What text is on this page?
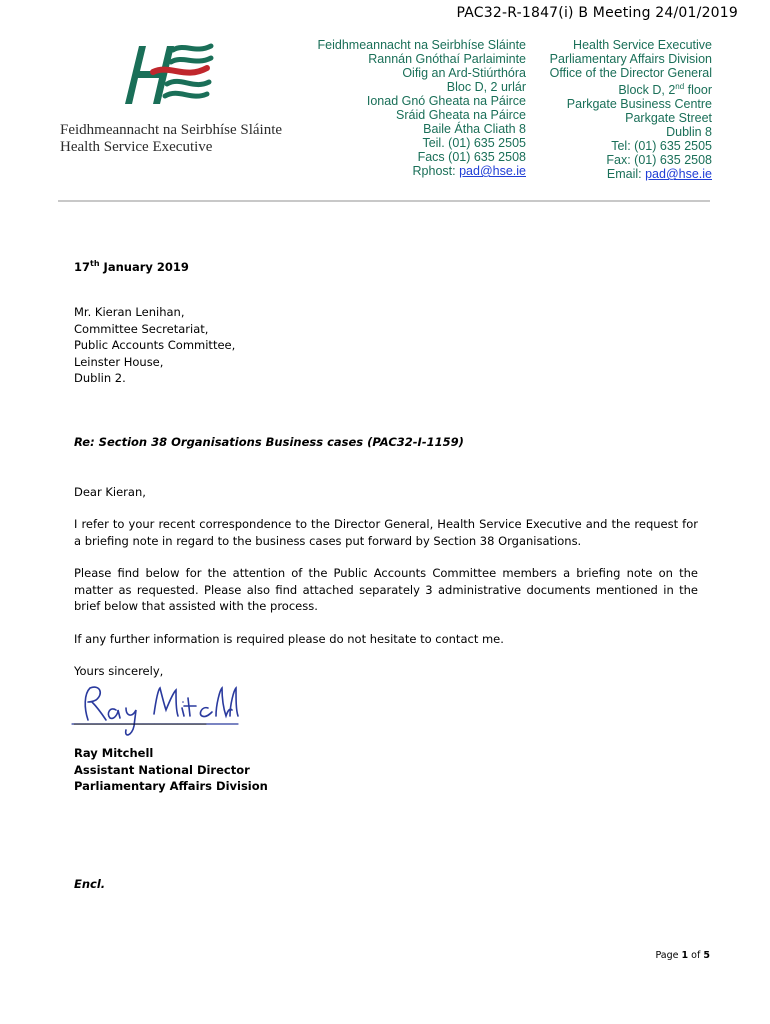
PAC32-R-1847(i) B Meeting 24/01/2019
Feidhmeannacht na Seirbhíse Sláinte
Health Service Executive
Feidhmeannacht na Seirbhíse Sláinte
Rannán Gnóthaí Parlaiminte
Oifig an Ard-Stiúrthóra
Bloc D, 2 urlár
Ionad Gnó Gheata na Páirce
Sráid Gheata na Páirce
Baile Átha Cliath 8
Teil. (01) 635 2505
Facs (01) 635 2508
Rphost: pad@hse.ie
Health Service Executive
Parliamentary Affairs Division
Office of the Director General
Block D, 2nd floor
Parkgate Business Centre
Parkgate Street
Dublin 8
Tel: (01) 635 2505
Fax: (01) 635 2508
Email: pad@hse.ie
17th January 2019
Mr. Kieran Lenihan,
Committee Secretariat,
Public Accounts Committee,
Leinster House,
Dublin 2.
Re: Section 38 Organisations Business cases (PAC32-I-1159)
Dear Kieran,
I refer to your recent correspondence to the Director General, Health Service Executive and the request for a briefing note in regard to the business cases put forward by Section 38 Organisations.
Please find below for the attention of the Public Accounts Committee members a briefing note on the matter as requested. Please also find attached separately 3 administrative documents mentioned in the brief below that assisted with the process.
If any further information is required please do not hesitate to contact me.
Yours sincerely,
_______________________
Ray Mitchell
Assistant National Director
Parliamentary Affairs Division
Encl.
Page 1 of 5
